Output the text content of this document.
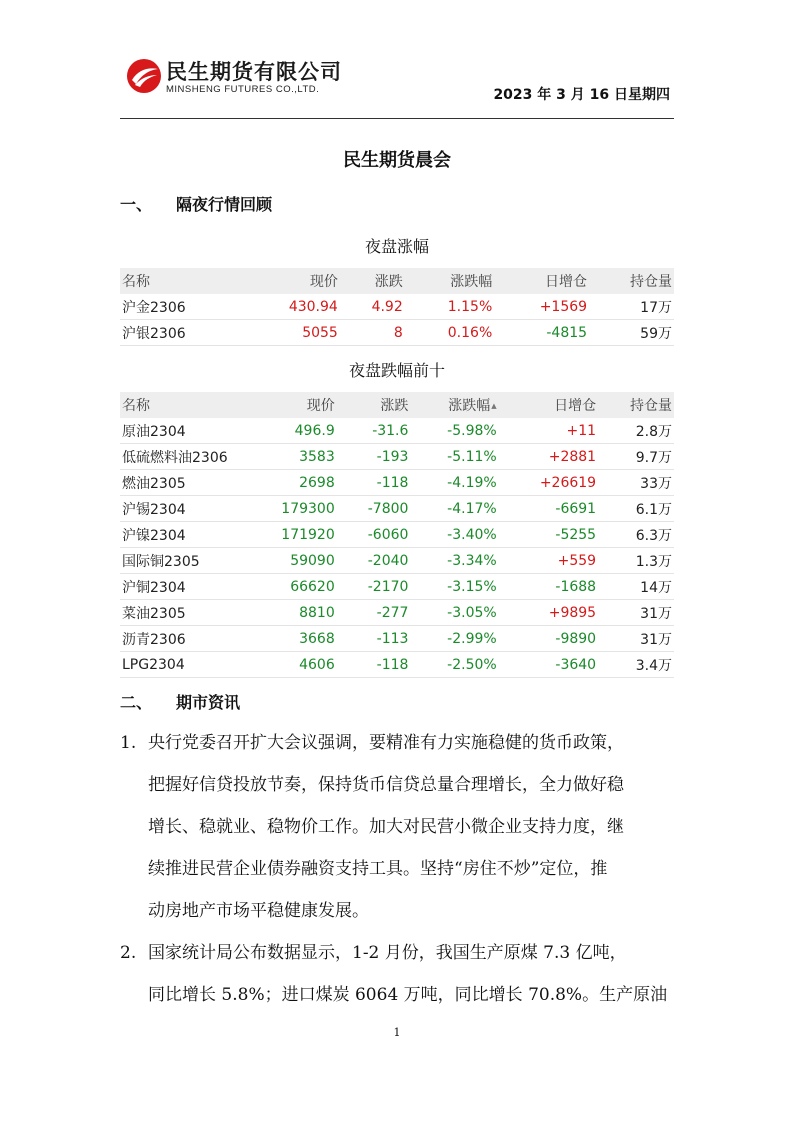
民生期货有限公司
MINSHENG FUTURES CO.,LTD.	2023 年 3 月 16 日星期四
民生期货晨会
一、 隔夜行情回顾
夜盘涨幅
名称	现价	涨跌	涨跌幅	日增仓	持仓量
沪金2306	430.94	4.92	1.15%	+1569	17万
沪银2306	5055	8	0.16%	-4815	59万
夜盘跌幅前十
名称	现价	涨跌	涨跌幅▲	日增仓	持仓量
原油2304	496.9	-31.6	-5.98%	+11	2.8万
低硫燃料油2306	3583	-193	-5.11%	+2881	9.7万
燃油2305	2698	-118	-4.19%	+26619	33万
沪锡2304	179300	-7800	-4.17%	-6691	6.1万
沪镍2304	171920	-6060	-3.40%	-5255	6.3万
国际铜2305	59090	-2040	-3.34%	+559	1.3万
沪铜2304	66620	-2170	-3.15%	-1688	14万
菜油2305	8810	-277	-3.05%	+9895	31万
沥青2306	3668	-113	-2.99%	-9890	31万
LPG2304	4606	-118	-2.50%	-3640	3.4万
二、 期市资讯
1. 央行党委召开扩大会议强调，要精准有力实施稳健的货币政策，
把握好信贷投放节奏，保持货币信贷总量合理增长，全力做好稳
增长、稳就业、稳物价工作。加大对民营小微企业支持力度，继
续推进民营企业债券融资支持工具。坚持“房住不炒”定位，推
动房地产市场平稳健康发展。
2. 国家统计局公布数据显示，1-2 月份，我国生产原煤 7.3 亿吨，
同比增长 5.8%；进口煤炭 6064 万吨，同比增长 70.8%。生产原油
1
